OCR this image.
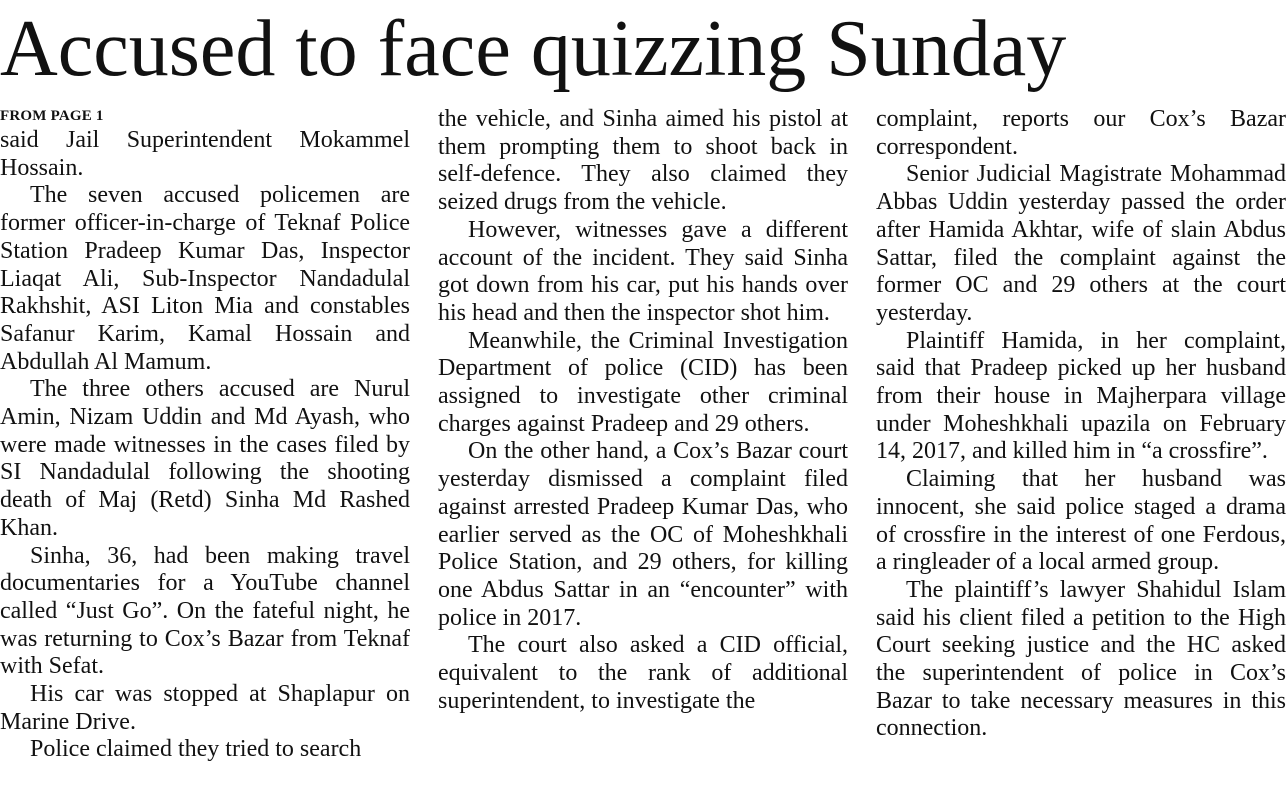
Accused to face quizzing Sunday
FROM PAGE 1

said Jail Superintendent Mokammel Hossain.

The seven accused policemen are former officer-in-charge of Teknaf Police Station Pradeep Kumar Das, Inspector Liaqat Ali, Sub-Inspector Nandadulal Rakhshit, ASI Liton Mia and constables Safanur Karim, Kamal Hossain and Abdullah Al Mamum.

The three others accused are Nurul Amin, Nizam Uddin and Md Ayash, who were made witnesses in the cases filed by SI Nandadulal following the shooting death of Maj (Retd) Sinha Md Rashed Khan.

Sinha, 36, had been making travel documentaries for a YouTube channel called “Just Go”. On the fateful night, he was returning to Cox’s Bazar from Teknaf with Sefat.

His car was stopped at Shaplapur on Marine Drive.

Police claimed they tried to search

the vehicle, and Sinha aimed his pistol at them prompting them to shoot back in self-defence. They also claimed they seized drugs from the vehicle.

However, witnesses gave a different account of the incident. They said Sinha got down from his car, put his hands over his head and then the inspector shot him.

Meanwhile, the Criminal Investigation Department of police (CID) has been assigned to investigate other criminal charges against Pradeep and 29 others.

On the other hand, a Cox’s Bazar court yesterday dismissed a complaint filed against arrested Pradeep Kumar Das, who earlier served as the OC of Moheshkhali Police Station, and 29 others, for killing one Abdus Sattar in an “encounter” with police in 2017.

The court also asked a CID official, equivalent to the rank of additional superintendent, to investigate the

complaint, reports our Cox’s Bazar correspondent.

Senior Judicial Magistrate Mohammad Abbas Uddin yesterday passed the order after Hamida Akhtar, wife of slain Abdus Sattar, filed the complaint against the former OC and 29 others at the court yesterday.

Plaintiff Hamida, in her complaint, said that Pradeep picked up her husband from their house in Majherpara village under Moheshkhali upazila on February 14, 2017, and killed him in “a crossfire”.

Claiming that her husband was innocent, she said police staged a drama of crossfire in the interest of one Ferdous, a ringleader of a local armed group.

The plaintiff’s lawyer Shahidul Islam said his client filed a petition to the High Court seeking justice and the HC asked the superintendent of police in Cox’s Bazar to take necessary measures in this connection.
